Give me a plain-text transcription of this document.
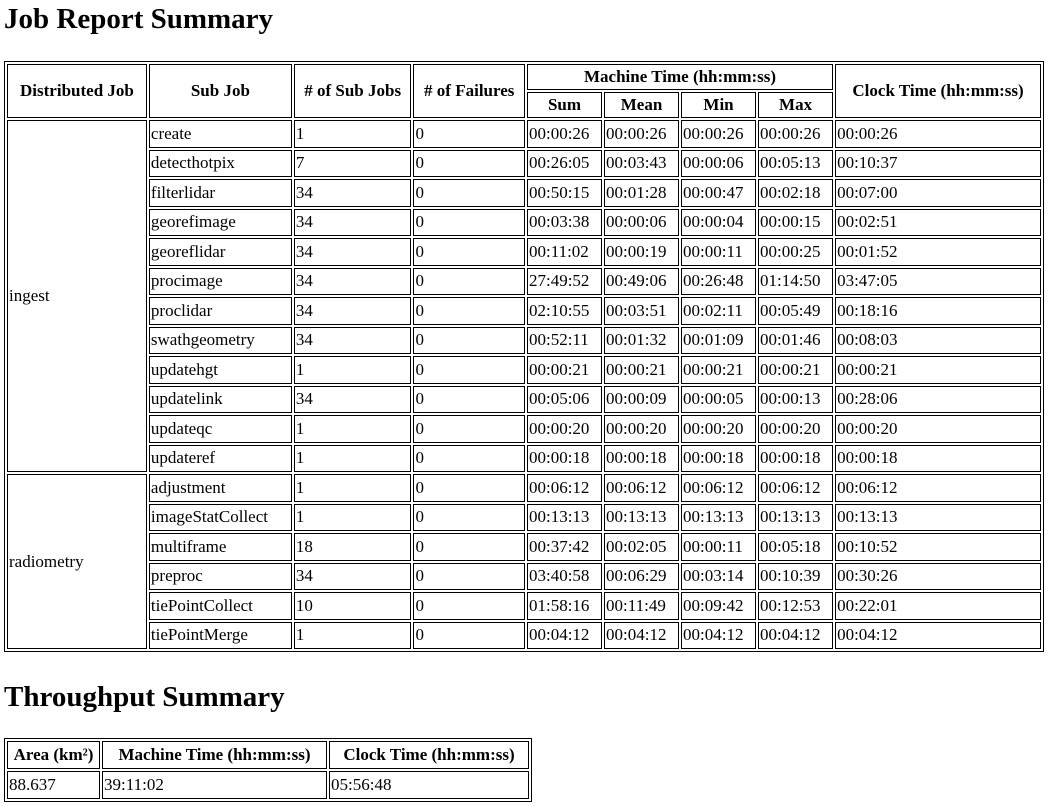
Job Report Summary
Distributed Job	Sub Job	# of Sub Jobs	# of Failures	Machine Time (hh:mm:ss)				Clock Time (hh:mm:ss)
				Sum	Mean	Min	Max	
ingest	create	1	0	00:00:26	00:00:26	00:00:26	00:00:26	00:00:26
	detecthotpix	7	0	00:26:05	00:03:43	00:00:06	00:05:13	00:10:37
	filterlidar	34	0	00:50:15	00:01:28	00:00:47	00:02:18	00:07:00
	georefimage	34	0	00:03:38	00:00:06	00:00:04	00:00:15	00:02:51
	georeflidar	34	0	00:11:02	00:00:19	00:00:11	00:00:25	00:01:52
	procimage	34	0	27:49:52	00:49:06	00:26:48	01:14:50	03:47:05
	proclidar	34	0	02:10:55	00:03:51	00:02:11	00:05:49	00:18:16
	swathgeometry	34	0	00:52:11	00:01:32	00:01:09	00:01:46	00:08:03
	updatehgt	1	0	00:00:21	00:00:21	00:00:21	00:00:21	00:00:21
	updatelink	34	0	00:05:06	00:00:09	00:00:05	00:00:13	00:28:06
	updateqc	1	0	00:00:20	00:00:20	00:00:20	00:00:20	00:00:20
	updateref	1	0	00:00:18	00:00:18	00:00:18	00:00:18	00:00:18
radiometry	adjustment	1	0	00:06:12	00:06:12	00:06:12	00:06:12	00:06:12
	imageStatCollect	1	0	00:13:13	00:13:13	00:13:13	00:13:13	00:13:13
	multiframe	18	0	00:37:42	00:02:05	00:00:11	00:05:18	00:10:52
	preproc	34	0	03:40:58	00:06:29	00:03:14	00:10:39	00:30:26
	tiePointCollect	10	0	01:58:16	00:11:49	00:09:42	00:12:53	00:22:01
	tiePointMerge	1	0	00:04:12	00:04:12	00:04:12	00:04:12	00:04:12
Throughput Summary
Area (km²)	Machine Time (hh:mm:ss)	Clock Time (hh:mm:ss)
88.637	39:11:02	05:56:48
